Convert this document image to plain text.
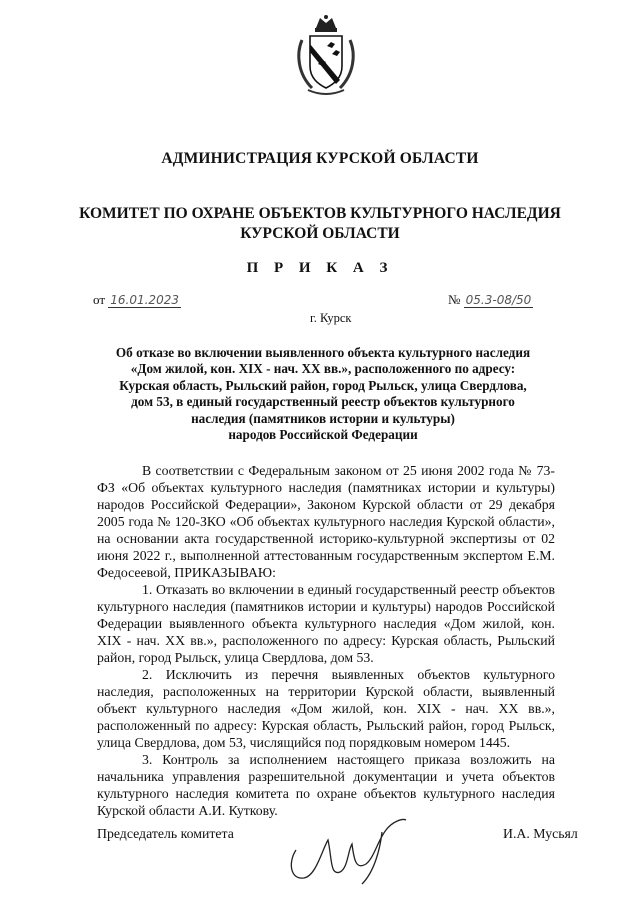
АДМИНИСТРАЦИЯ КУРСКОЙ ОБЛАСТИ
КОМИТЕТ ПО ОХРАНЕ ОБЪЕКТОВ КУЛЬТУРНОГО НАСЛЕДИЯ
КУРСКОЙ ОБЛАСТИ
П Р И К А З
от 16.01.2023	№ 05.3-08/50
г. Курск
Об отказе во включении выявленного объекта культурного наследия
«Дом жилой, кон. XIX - нач. XX вв.», расположенного по адресу:
Курская область, Рыльский район, город Рыльск, улица Свердлова,
дом 53, в единый государственный реестр объектов культурного
наследия (памятников истории и культуры)
народов Российской Федерации

В соответствии с Федеральным законом от 25 июня 2002 года № 73-ФЗ «Об объектах культурного наследия (памятниках истории и культуры) народов Российской Федерации», Законом Курской области от 29 декабря 2005 года № 120-ЗКО «Об объектах культурного наследия Курской области», на основании акта государственной историко-культурной экспертизы от 02 июня 2022 г., выполненной аттестованным государственным экспертом Е.М. Федосеевой, ПРИКАЗЫВАЮ:

1. Отказать во включении в единый государственный реестр объектов культурного наследия (памятников истории и культуры) народов Российской Федерации выявленного объекта культурного наследия «Дом жилой, кон. XIX - нач. XX вв.», расположенного по адресу: Курская область, Рыльский район, город Рыльск, улица Свердлова, дом 53.

2. Исключить из перечня выявленных объектов культурного наследия, расположенных на территории Курской области, выявленный объект культурного наследия «Дом жилой, кон. XIX - нач. XX вв.», расположенный по адресу: Курская область, Рыльский район, город Рыльск, улица Свердлова, дом 53, числящийся под порядковым номером 1445.

3. Контроль за исполнением настоящего приказа возложить на начальника управления разрешительной документации и учета объектов культурного наследия комитета по охране объектов культурного наследия Курской области А.И. Куткову.

Председатель комитета	И.А. Мусьял
